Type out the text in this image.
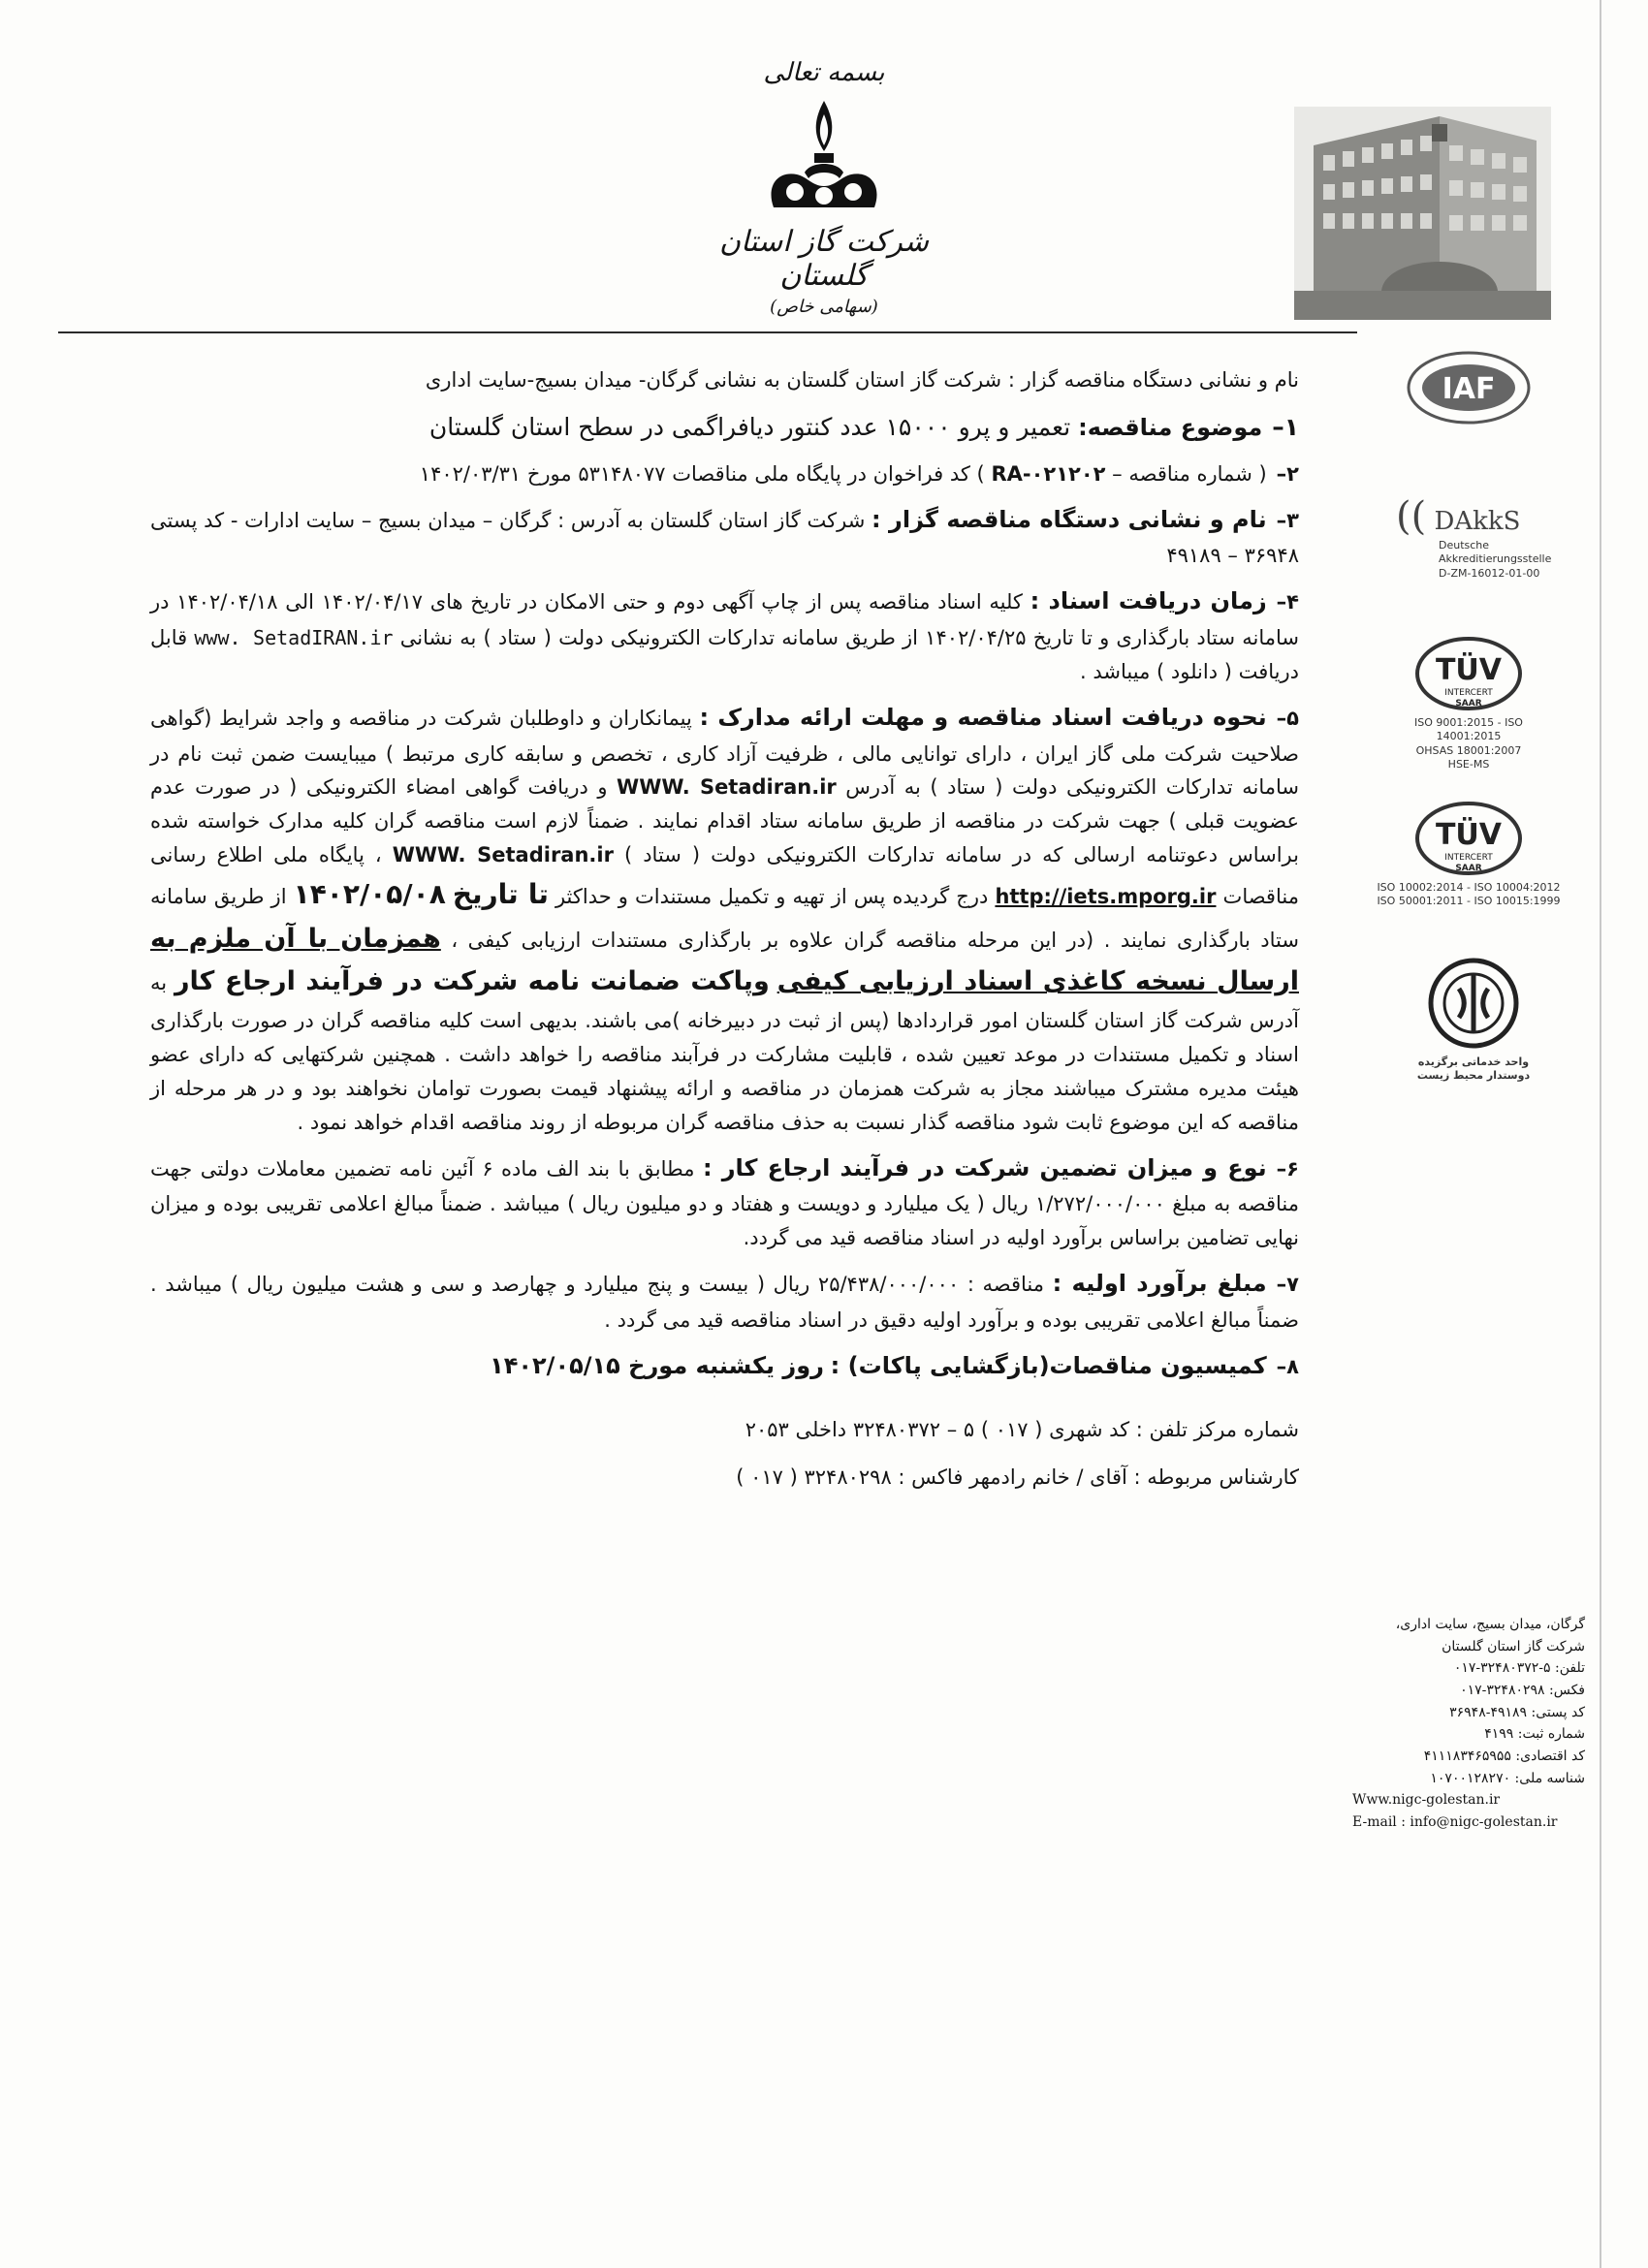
بسمه تعالی
شرکت گاز استان گلستان
(سهامی خاص)
IAF
(( DAkkS
Deutsche
Akkreditierungsstelle
D-ZM-16012-01-00
TÜV
INTERCERT
SAAR
ISO 9001:2015 - ISO 14001:2015
OHSAS 18001:2007
HSE-MS
TÜV
INTERCERT
SAAR
ISO 10002:2014 - ISO 10004:2012
ISO 50001:2011 - ISO 10015:1999
واحد خدماتی برگزیده
دوستدار محیط زیست

نام و نشانی دستگاه مناقصه گزار : شرکت گاز استان گلستان به نشانی گرگان- میدان بسیج-سایت اداری

۱–موضوع مناقصه: تعمیر و پرو ۱۵۰۰۰ عدد کنتور دیافراگمی در سطح استان گلستان

۲–( شماره مناقصه – RA-۰۲۱۲۰۲ ) کد فراخوان در پایگاه ملی مناقصات ۵۳۱۴۸۰۷۷ مورخ ۱۴۰۲/۰۳/۳۱

۳–نام و نشانی دستگاه مناقصه گزار : شرکت گاز استان گلستان به آدرس : گرگان – میدان بسیج – سایت ادارات - کد پستی ۳۶۹۴۸ – ۴۹۱۸۹

۴–زمان دریافت اسناد : کلیه اسناد مناقصه پس از چاپ آگهی دوم و حتی الامکان در تاریخ های ۱۴۰۲/۰۴/۱۷ الی ۱۴۰۲/۰۴/۱۸ در سامانه ستاد بارگذاری و تا تاریخ ۱۴۰۲/۰۴/۲۵ از طریق سامانه تدارکات الکترونیکی دولت ( ستاد ) به نشانی www. SetadIRAN.ir قابل دریافت ( دانلود ) میباشد .

۵–نحوه دریافت اسناد مناقصه و مهلت ارائه مدارک : پیمانکاران و داوطلبان شرکت در مناقصه و واجد شرایط (گواهی صلاحیت شرکت ملی گاز ایران ، دارای توانایی مالی ، ظرفیت آزاد کاری ، تخصص و سابقه کاری مرتبط ) میبایست ضمن ثبت نام در سامانه تدارکات الکترونیکی دولت ( ستاد ) به آدرس WWW. Setadiran.ir و دریافت گواهی امضاء الکترونیکی ( در صورت عدم عضویت قبلی ) جهت شرکت در مناقصه از طریق سامانه ستاد اقدام نمایند . ضمناً لازم است مناقصه گران کلیه مدارک خواسته شده براساس دعوتنامه ارسالی که در سامانه تدارکات الکترونیکی دولت ( ستاد ) WWW. Setadiran.ir ، پایگاه ملی اطلاع رسانی مناقصات http://iets.mporg.ir درج گردیده پس از تهیه و تکمیل مستندات و حداکثر تا تاریخ ۱۴۰۲/۰۵/۰۸ از طریق سامانه ستاد بارگذاری نمایند . (در این مرحله مناقصه گران علاوه بر بارگذاری مستندات ارزیابی کیفی ، همزمان با آن ملزم به ارسال نسخه کاغذی اسناد ارزیابی کیفی وپاکت ضمانت نامه شرکت در فرآیند ارجاع کار به آدرس شرکت گاز استان گلستان امور قراردادها (پس از ثبت در دبیرخانه )می باشند. بدیهی است کلیه مناقصه گران در صورت بارگذاری اسناد و تکمیل مستندات در موعد تعیین شده ، قابلیت مشارکت در فرآبند مناقصه را خواهد داشت . همچنین شرکتهایی که دارای عضو هیئت مدیره مشترک میباشند مجاز به شرکت همزمان در مناقصه و ارائه پیشنهاد قیمت بصورت توامان نخواهند بود و در هر مرحله از مناقصه که این موضوع ثابت شود مناقصه گذار نسبت به حذف مناقصه گران مربوطه از روند مناقصه اقدام خواهد نمود .

۶–نوع و میزان تضمین شرکت در فرآیند ارجاع کار : مطابق با بند الف ماده ۶ آئین نامه تضمین معاملات دولتی جهت مناقصه به مبلغ ۱/۲۷۲/۰۰۰/۰۰۰ ریال ( یک میلیارد و دویست و هفتاد و دو میلیون ریال ) میباشد . ضمناً مبالغ اعلامی تقریبی بوده و میزان نهایی تضامین براساس برآورد اولیه در اسناد مناقصه قید می گردد.

۷–مبلغ برآورد اولیه : مناقصه : ۲۵/۴۳۸/۰۰۰/۰۰۰ ریال ( بیست و پنج میلیارد و چهارصد و سی و هشت میلیون ریال ) میباشد . ضمناً مبالغ اعلامی تقریبی بوده و برآورد اولیه دقیق در اسناد مناقصه قید می گردد .

۸–کمیسیون مناقصات(بازگشایی پاکات) : روز یکشنبه مورخ ۱۴۰۲/۰۵/۱۵

شماره مرکز تلفن : کد شهری ( ۰۱۷ ) ۵ – ۳۲۴۸۰۳۷۲ داخلی ۲۰۵۳

کارشناس مربوطه : آقای / خانم رادمهر فاکس : ۳۲۴۸۰۲۹۸ ( ۰۱۷ )

گرگان، میدان بسیج، سایت اداری،
شرکت گاز استان گلستان
تلفن: ۵-۳۲۴۸۰۳۷۲-۰۱۷
فکس: ۳۲۴۸۰۲۹۸-۰۱۷
کد پستی: ۴۹۱۸۹-۳۶۹۴۸
شماره ثبت: ۴۱۹۹
کد اقتصادی: ۴۱۱۱۸۳۴۶۵۹۵۵
شناسه ملی: ۱۰۷۰۰۱۲۸۲۷۰
Www.nigc-golestan.ir
E-mail : info@nigc-golestan.ir
